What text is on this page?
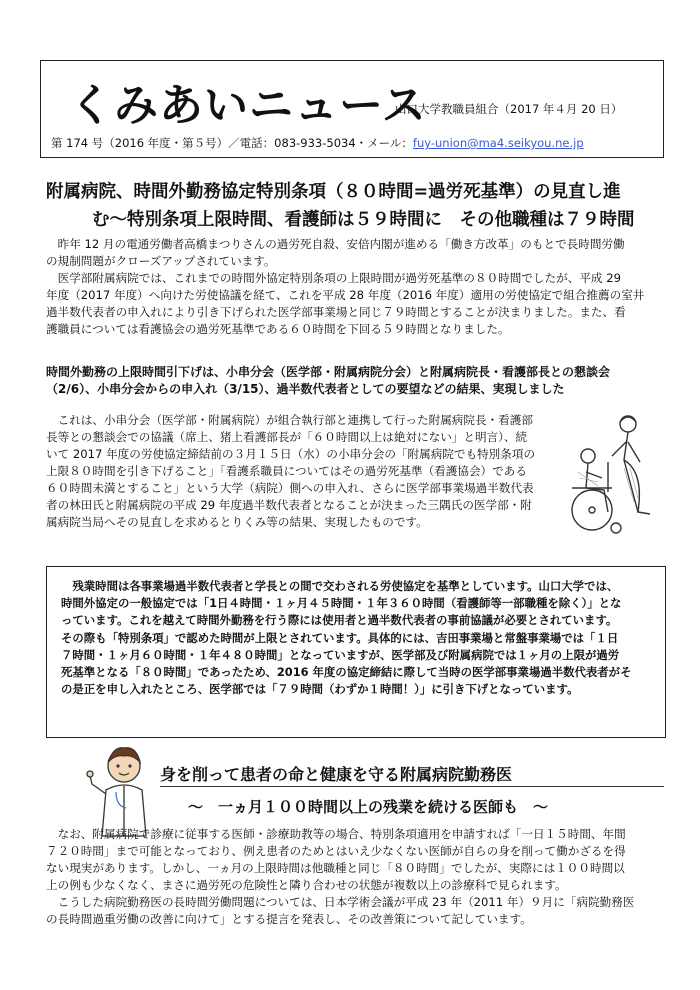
くみあいニュース
山口大学教職員組合（2017 年４月 20 日）
第 174 号（2016 年度・第５号）／電話：083-933-5034・メール：fuy-union@ma4.seikyou.ne.jp
附属病院、時間外勤務協定特別条項（８０時間=過労死基準）の見直し進
む～特別条項上限時間、看護師は５９時間に　その他職種は７９時間
　昨年 12 月の電通労働者高橋まつりさんの過労死自殺、安倍内閣が進める「働き方改革」のもとで長時間労働
の規制問題がクローズアップされています。
　医学部附属病院では、これまでの時間外協定特別条項の上限時間が過労死基準の８０時間でしたが、平成 29
年度（2017 年度）へ向けた労使協議を経て、これを平成 28 年度（2016 年度）適用の労使協定で組合推薦の室井
過半数代表者の申入れにより引き下げられた医学部事業場と同じ７９時間とすることが決まりました。また、看
護職員については看護協会の過労死基準である６０時間を下回る５９時間となりました。
時間外勤務の上限時間引下げは、小串分会（医学部・附属病院分会）と附属病院長・看護部長との懇談会
（2/6）、小串分会からの申入れ（3/15）、過半数代表者としての要望などの結果、実現しました
　これは、小串分会（医学部・附属病院）が組合執行部と連携して行った附属病院長・看護部
長等との懇談会での協議（席上、猪上看護部長が「６０時間以上は絶対にない」と明言）、続
いて 2017 年度の労使協定締結前の３月１５日（水）の小串分会の「附属病院でも特別条項の
上限８０時間を引き下げること」「看護系職員についてはその過労死基準（看護協会）である
６０時間未満とすること」という大学（病院）側への申入れ、さらに医学部事業場過半数代表
者の林田氏と附属病院の平成 29 年度過半数代表者となることが決まった三隅氏の医学部・附
属病院当局へその見直しを求めるとりくみ等の結果、実現したものです。
　残業時間は各事業場過半数代表者と学長との間で交わされる労使協定を基準としています。山口大学では、
時間外協定の一般協定では「1日４時間・１ヶ月４５時間・１年３６０時間（看護師等一部職種を除く）」とな
っています。これを越えて時間外勤務を行う際には使用者と過半数代表者の事前協議が必要とされています。
その際も「特別条項」で認めた時間が上限とされています。具体的には、吉田事業場と常盤事業場では「１日
７時間・１ヶ月６０時間・１年４８０時間」となっていますが、医学部及び附属病院では１ヶ月の上限が過労
死基準となる「８０時間」であったため、2016 年度の協定締結に際して当時の医学部事業場過半数代表者がそ
の是正を申し入れたところ、医学部では「７９時間（わずか１時間！）」に引き下げとなっています。
身を削って患者の命と健康を守る附属病院勤務医
～　一ヵ月１００時間以上の残業を続ける医師も　～
　なお、附属病院で診療に従事する医師・診療助教等の場合、特別条項適用を申請すれば「一日１５時間、年間
７２０時間」まで可能となっており、例え患者のためとはいえ少なくない医師が自らの身を削って働かざるを得
ない現実があります。しかし、一ヵ月の上限時間は他職種と同じ「８０時間」でしたが、実際には１００時間以
上の例も少なくなく、まさに過労死の危険性と隣り合わせの状態が複数以上の診療科で見られます。
　こうした病院勤務医の長時間労働問題については、日本学術会議が平成 23 年（2011 年）９月に「病院勤務医
の長時間過重労働の改善に向けて」とする提言を発表し、その改善策について記しています。
